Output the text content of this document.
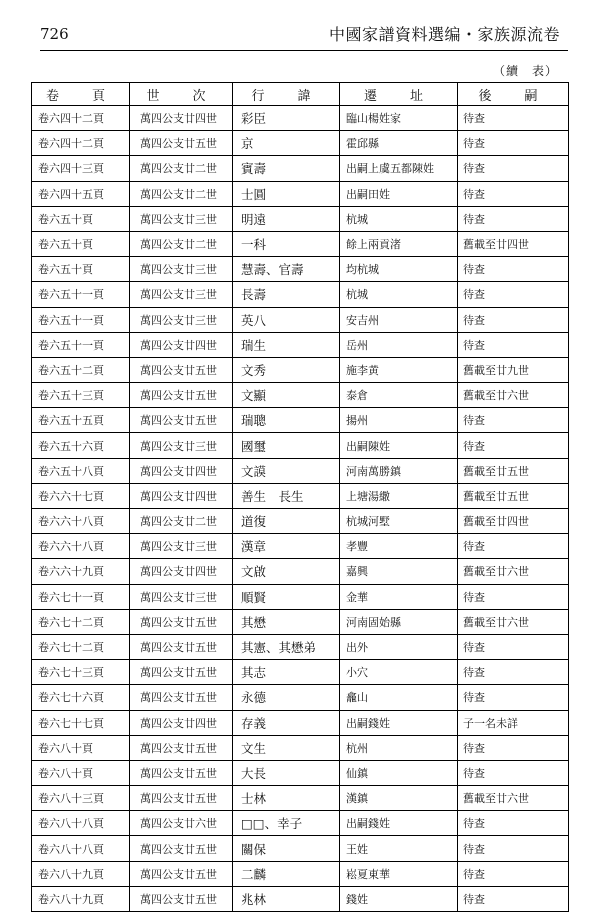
726	中國家譜資料選编・家族源流卷
（續　表）
卷　頁	世　次	行　諱	遷　址	後　嗣
卷六四十二頁	萬四公支廿四世	彩臣	臨山楊姓家	待查
卷六四十二頁	萬四公支廿五世	京	霍邱縣	待查
卷六四十三頁	萬四公支廿二世	賓壽	出嗣上虞五都陳姓	待查
卷六四十五頁	萬四公支廿二世	士圓	出嗣田姓	待查
卷六五十頁	萬四公支廿三世	明遠	杭城	待查
卷六五十頁	萬四公支廿二世	一科	餘上兩貢渚	舊載至廿四世
卷六五十頁	萬四公支廿三世	慧壽、官壽	均杭城	待查
卷六五十一頁	萬四公支廿三世	長壽	杭城	待查
卷六五十一頁	萬四公支廿三世	英八	安吉州	待查
卷六五十一頁	萬四公支廿四世	瑞生	岳州	待查
卷六五十二頁	萬四公支廿五世	文秀	施李黄	舊載至廿九世
卷六五十三頁	萬四公支廿五世	文顯	泰倉	舊載至廿六世
卷六五十五頁	萬四公支廿五世	瑞聰	揚州	待查
卷六五十六頁	萬四公支廿三世	國璽	出嗣陳姓	待查
卷六五十八頁	萬四公支廿四世	文謨	河南萬勝鎮	舊載至廿五世
卷六六十七頁	萬四公支廿四世	善生　長生	上塘湯繖	舊載至廿五世
卷六六十八頁	萬四公支廿二世	道復	杭城河墅	舊載至廿四世
卷六六十八頁	萬四公支廿三世	漢章	孝豐	待查
卷六六十九頁	萬四公支廿四世	文啟	嘉興	舊載至廿六世
卷六七十一頁	萬四公支廿三世	順賢	金華	待查
卷六七十二頁	萬四公支廿五世	其懋	河南固始縣	舊載至廿六世
卷六七十二頁	萬四公支廿五世	其憲、其懋弟	出外	待查
卷六七十三頁	萬四公支廿五世	其志	小穴	待查
卷六七十六頁	萬四公支廿五世	永德	龕山	待查
卷六七十七頁	萬四公支廿四世	存義	出嗣錢姓	子一名未詳
卷六八十頁	萬四公支廿五世	文生	杭州	待查
卷六八十頁	萬四公支廿五世	大長	仙鎮	待查
卷六八十三頁	萬四公支廿五世	士林	漢鎮	舊載至廿六世
卷六八十八頁	萬四公支廿六世	□□、幸子	出嗣錢姓	待查
卷六八十八頁	萬四公支廿五世	關保	王姓	待查
卷六八十九頁	萬四公支廿五世	二麟	崧夏東華	待查
卷六八十九頁	萬四公支廿五世	兆林	錢姓	待查
